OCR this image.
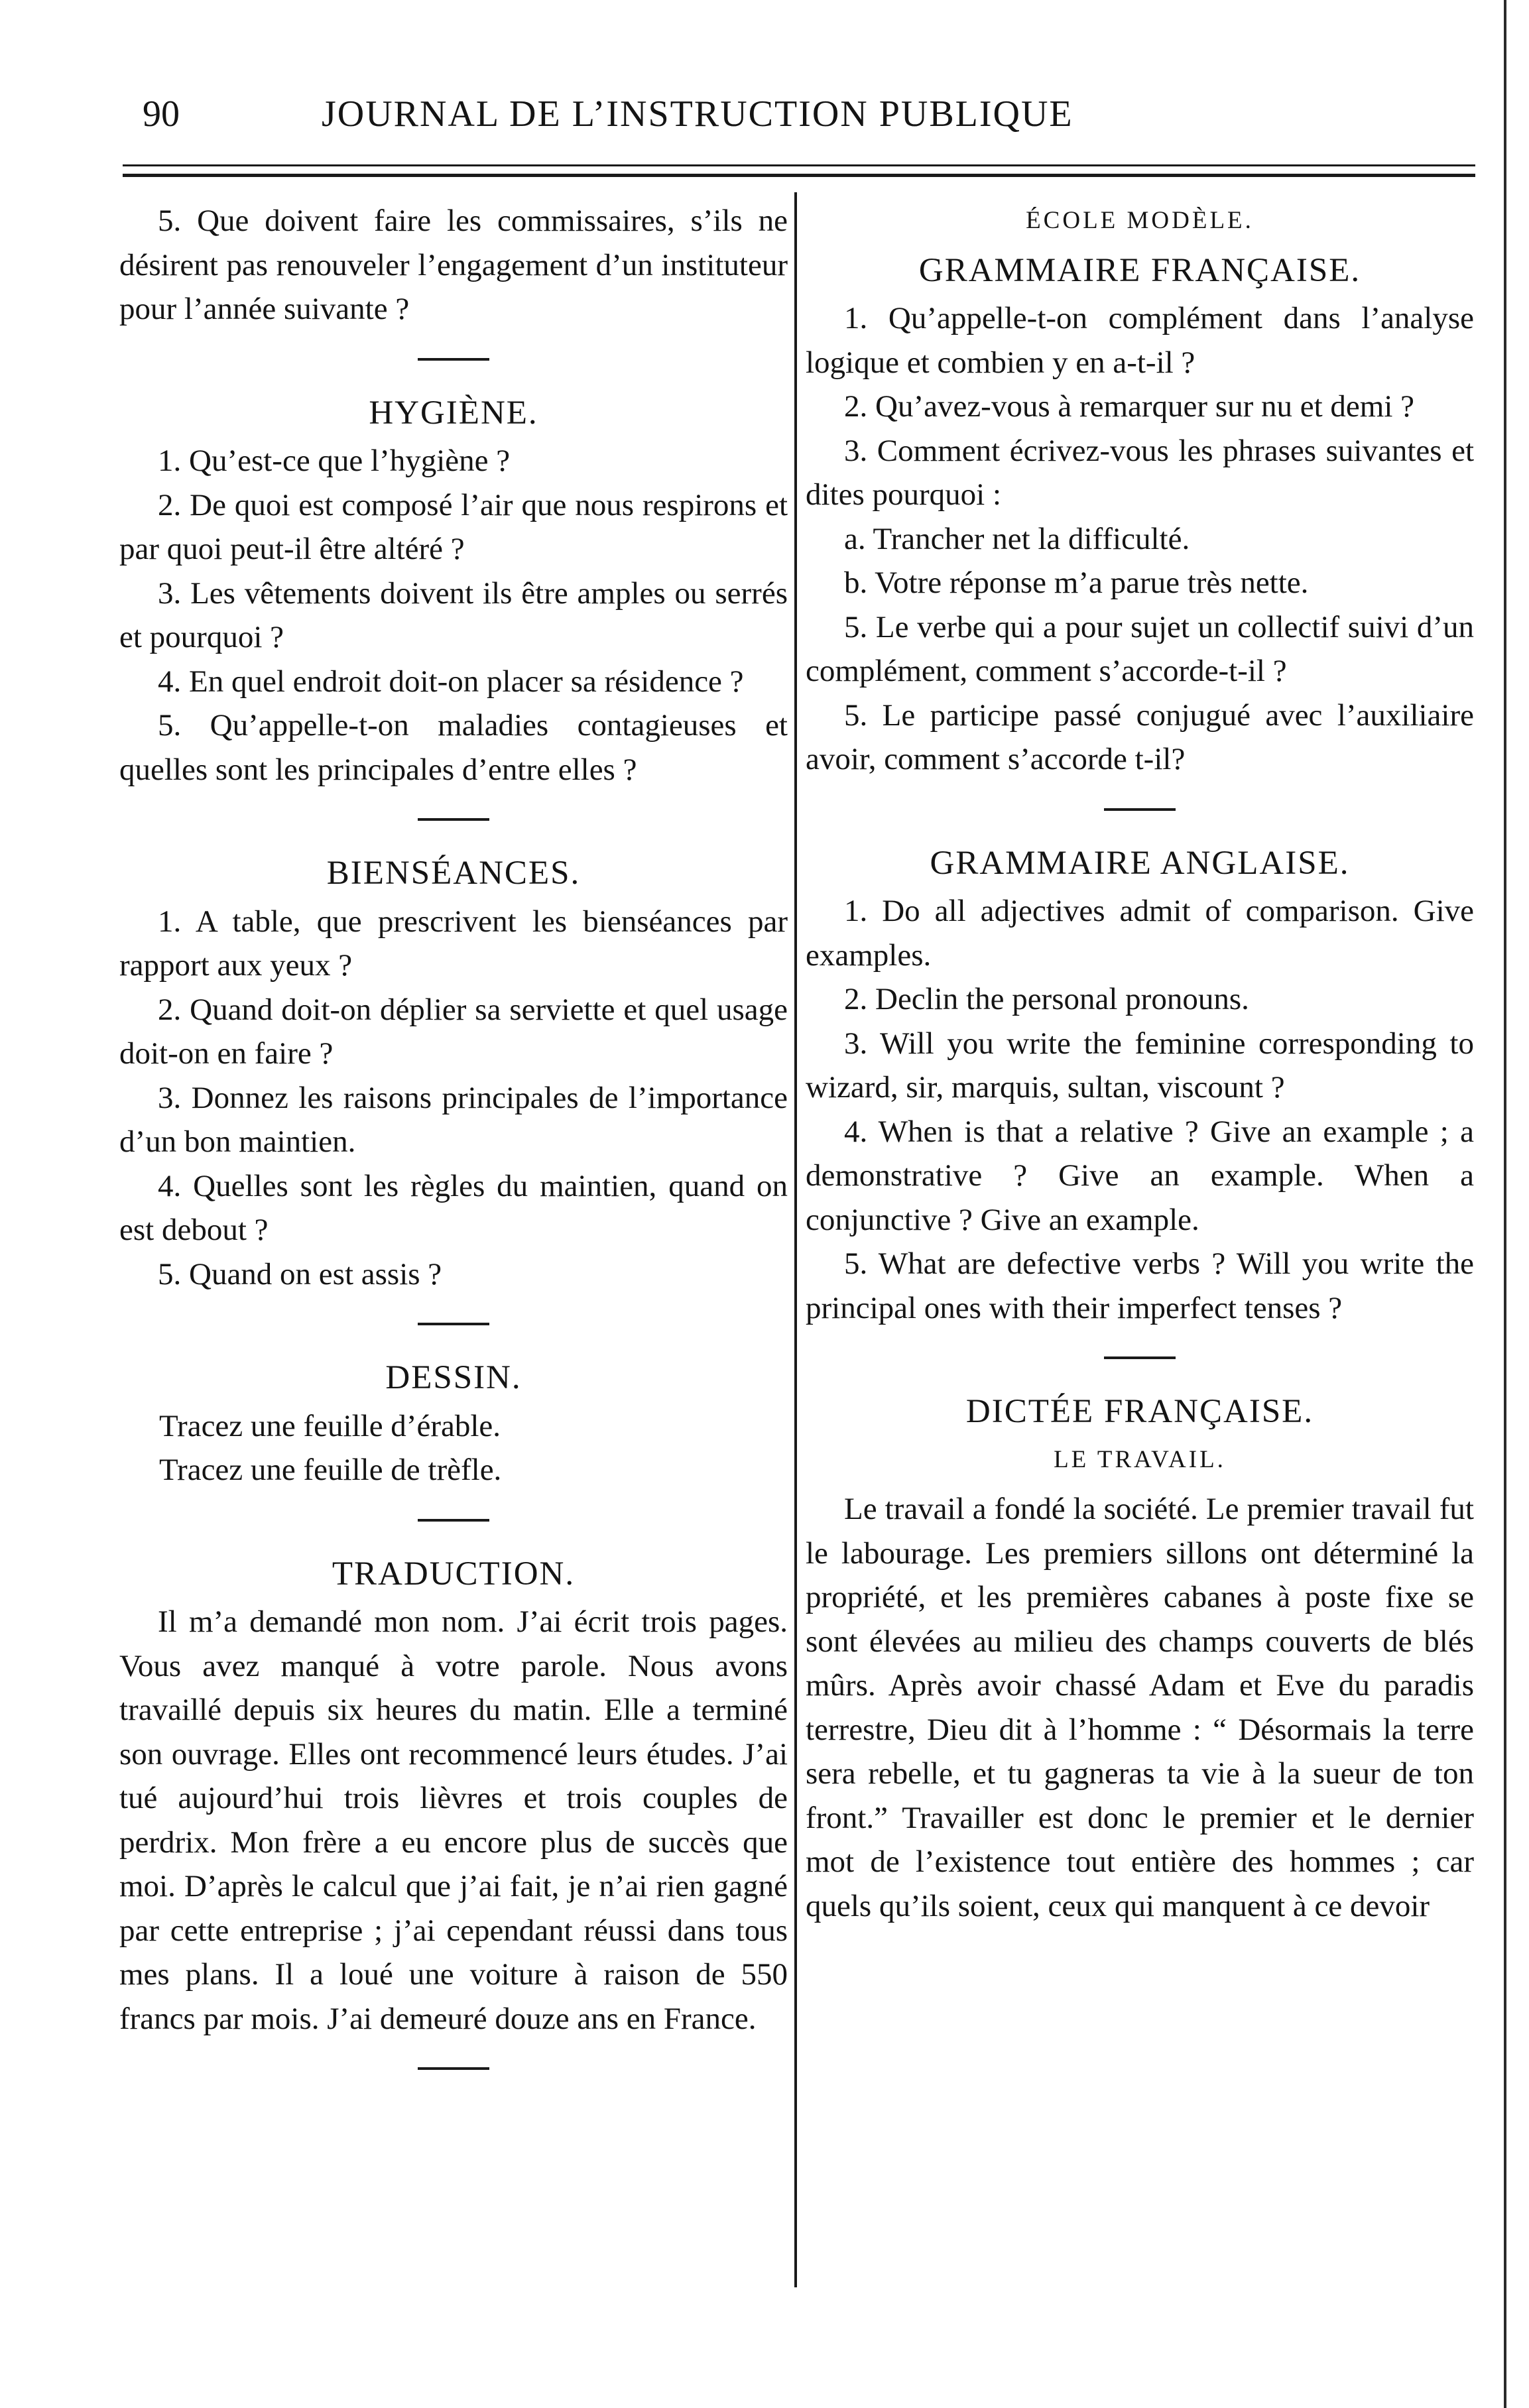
90	JOURNAL DE L’INSTRUCTION PUBLIQUE

5. Que doivent faire les commissaires, s’ils ne désirent pas renouveler l’engagement d’un instituteur pour l’année suivante ?

HYGIÈNE.

1. Qu’est-ce que l’hygiène ?

2. De quoi est composé l’air que nous respirons et par quoi peut-il être altéré ?

3. Les vêtements doivent ils être amples ou serrés et pourquoi ?

4. En quel endroit doit-on placer sa résidence ?

5. Qu’appelle-t-on maladies contagieuses et quelles sont les principales d’entre elles ?

BIENSÉANCES.

1. A table, que prescrivent les bienséances par rapport aux yeux ?

2. Quand doit-on déplier sa serviette et quel usage doit-on en faire ?

3. Donnez les raisons principales de l’importance d’un bon maintien.

4. Quelles sont les règles du maintien, quand on est debout ?

5. Quand on est assis ?

DESSIN.

Tracez une feuille d’érable.

Tracez une feuille de trèfle.

TRADUCTION.

Il m’a demandé mon nom. J’ai écrit trois pages. Vous avez manqué à votre parole. Nous avons travaillé depuis six heures du matin. Elle a terminé son ouvrage. Elles ont recommencé leurs études. J’ai tué aujourd’hui trois lièvres et trois couples de perdrix. Mon frère a eu encore plus de succès que moi. D’après le calcul que j’ai fait, je n’ai rien gagné par cette entreprise ; j’ai cependant réussi dans tous mes plans. Il a loué une voiture à raison de 550 francs par mois. J’ai demeuré douze ans en France.

ÉCOLE MODÈLE.
GRAMMAIRE FRANÇAISE.

1. Qu’appelle-t-on complément dans l’analyse logique et combien y en a-t-il ?

2. Qu’avez-vous à remarquer sur nu et demi ?

3. Comment écrivez-vous les phrases suivantes et dites pourquoi :

a. Trancher net la difficulté.

b. Votre réponse m’a parue très nette.

5. Le verbe qui a pour sujet un collectif suivi d’un complément, comment s’accorde-t-il ?

5. Le participe passé conjugué avec l’auxiliaire avoir, comment s’accorde t-il?

GRAMMAIRE ANGLAISE.

1. Do all adjectives admit of comparison. Give examples.

2. Declin the personal pronouns.

3. Will you write the feminine corresponding to wizard, sir, marquis, sultan, viscount ?

4. When is that a relative ? Give an example ; a demonstrative ? Give an example. When a conjunctive ? Give an example.

5. What are defective verbs ? Will you write the principal ones with their imperfect tenses ?

DICTÉE FRANÇAISE.
LE TRAVAIL.

Le travail a fondé la société. Le premier travail fut le labourage. Les premiers sillons ont déterminé la propriété, et les premières cabanes à poste fixe se sont élevées au milieu des champs couverts de blés mûrs. Après avoir chassé Adam et Eve du paradis terrestre, Dieu dit à l’homme : “ Désormais la terre sera rebelle, et tu gagneras ta vie à la sueur de ton front.” Travailler est donc le premier et le dernier mot de l’existence tout entière des hommes ; car quels qu’ils soient, ceux qui manquent à ce devoir
